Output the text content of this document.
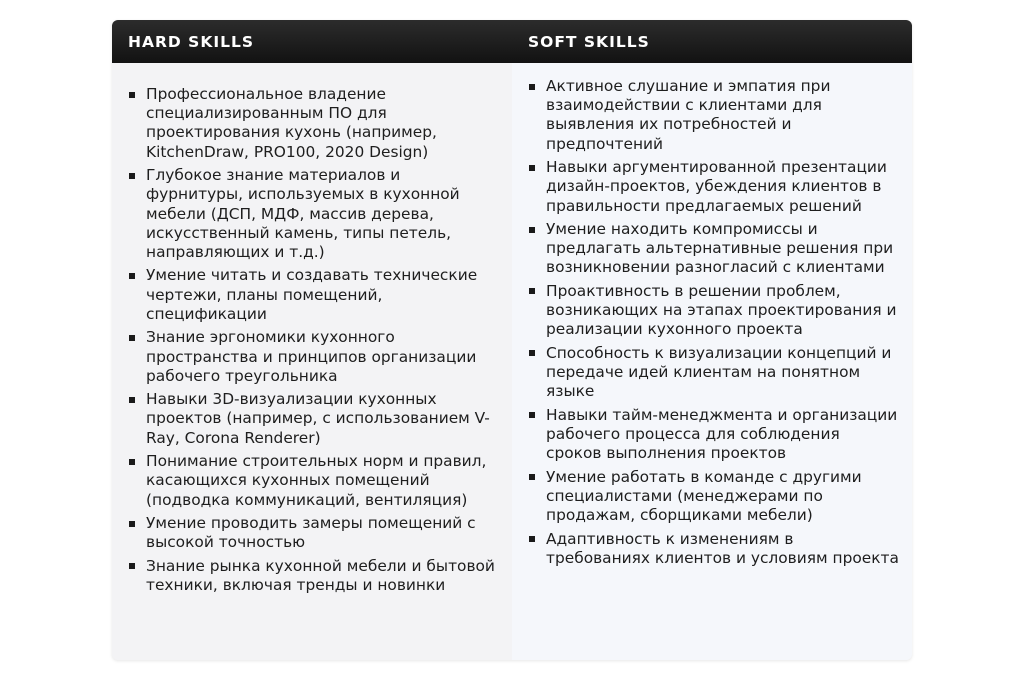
HARD SKILLS	SOFT SKILLS
Профессиональное владение специализированным ПО для проектирования кухонь (например, KitchenDraw, PRO100, 2020 Design)
Глубокое знание материалов и фурнитуры, используемых в кухонной мебели (ДСП, МДФ, массив дерева, искусственный камень, типы петель, направляющих и т.д.)
Умение читать и создавать технические чертежи, планы помещений, спецификации
Знание эргономики кухонного пространства и принципов организации рабочего треугольника
Навыки 3D-визуализации кухонных проектов (например, с использованием V-Ray, Corona Renderer)
Понимание строительных норм и правил, касающихся кухонных помещений (подводка коммуникаций, вентиляция)
Умение проводить замеры помещений с высокой точностью
Знание рынка кухонной мебели и бытовой техники, включая тренды и новинки
Активное слушание и эмпатия при взаимодействии с клиентами для выявления их потребностей и предпочтений
Навыки аргументированной презентации дизайн-проектов, убеждения клиентов в правильности предлагаемых решений
Умение находить компромиссы и предлагать альтернативные решения при возникновении разногласий с клиентами
Проактивность в решении проблем, возникающих на этапах проектирования и реализации кухонного проекта
Способность к визуализации концепций и передаче идей клиентам на понятном языке
Навыки тайм-менеджмента и организации рабочего процесса для соблюдения сроков выполнения проектов
Умение работать в команде с другими специалистами (менеджерами по продажам, сборщиками мебели)
Адаптивность к изменениям в требованиях клиентов и условиям проекта
